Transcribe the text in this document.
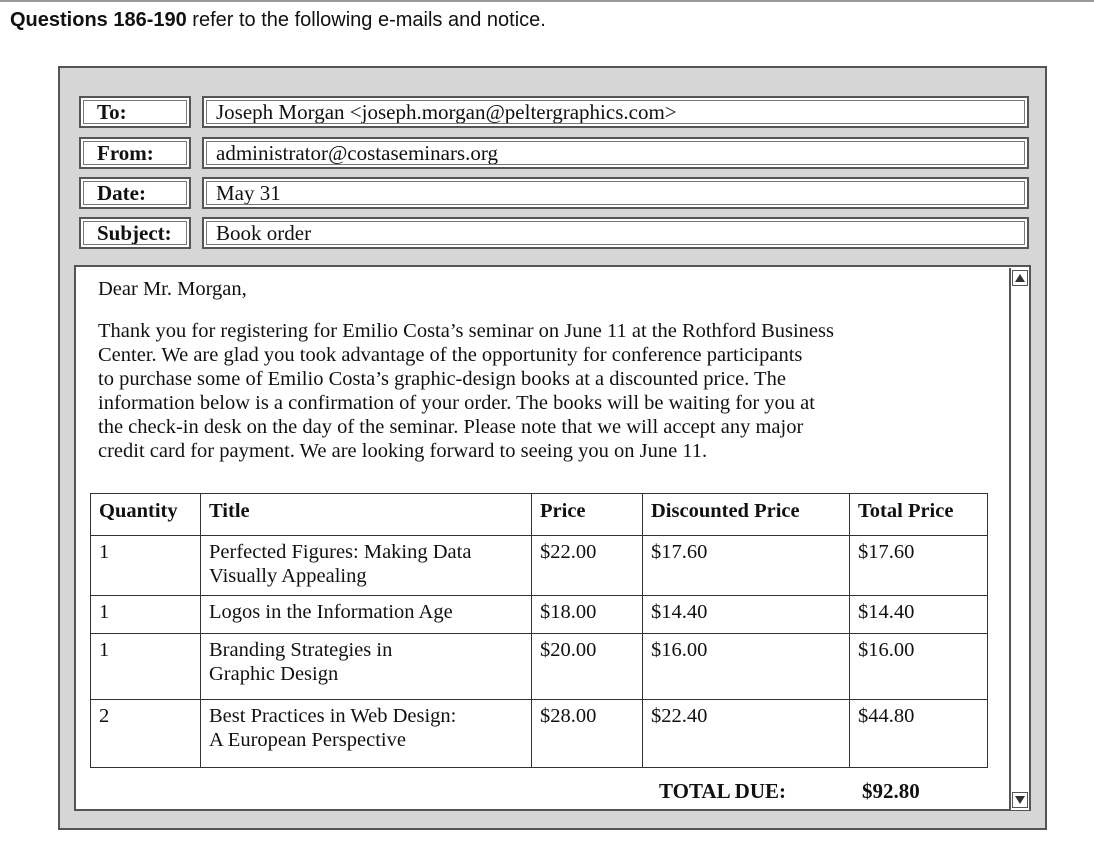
Questions 186-190 refer to the following e-mails and notice.
To:	Joseph Morgan <joseph.morgan@peltergraphics.com>
From:	administrator@costaseminars.org
Date:	May 31
Subject:	Book order

Dear Mr. Morgan,

Thank you for registering for Emilio Costa’s seminar on June 11 at the Rothford Business
Center. We are glad you took advantage of the opportunity for conference participants
to purchase some of Emilio Costa’s graphic-design books at a discounted price. The
information below is a confirmation of your order. The books will be waiting for you at
the check-in desk on the day of the seminar. Please note that we will accept any major
credit card for payment. We are looking forward to seeing you on June 11.
Quantity	Title	Price	Discounted Price	Total Price
1	Perfected Figures: Making Data
Visually Appealing	$22.00	$17.60	$17.60
1	Logos in the Information Age	$18.00	$14.40	$14.40
1	Branding Strategies in
Graphic Design	$20.00	$16.00	$16.00
2	Best Practices in Web Design:
A European Perspective	$28.00	$22.40	$44.80
TOTAL DUE:	$92.80
